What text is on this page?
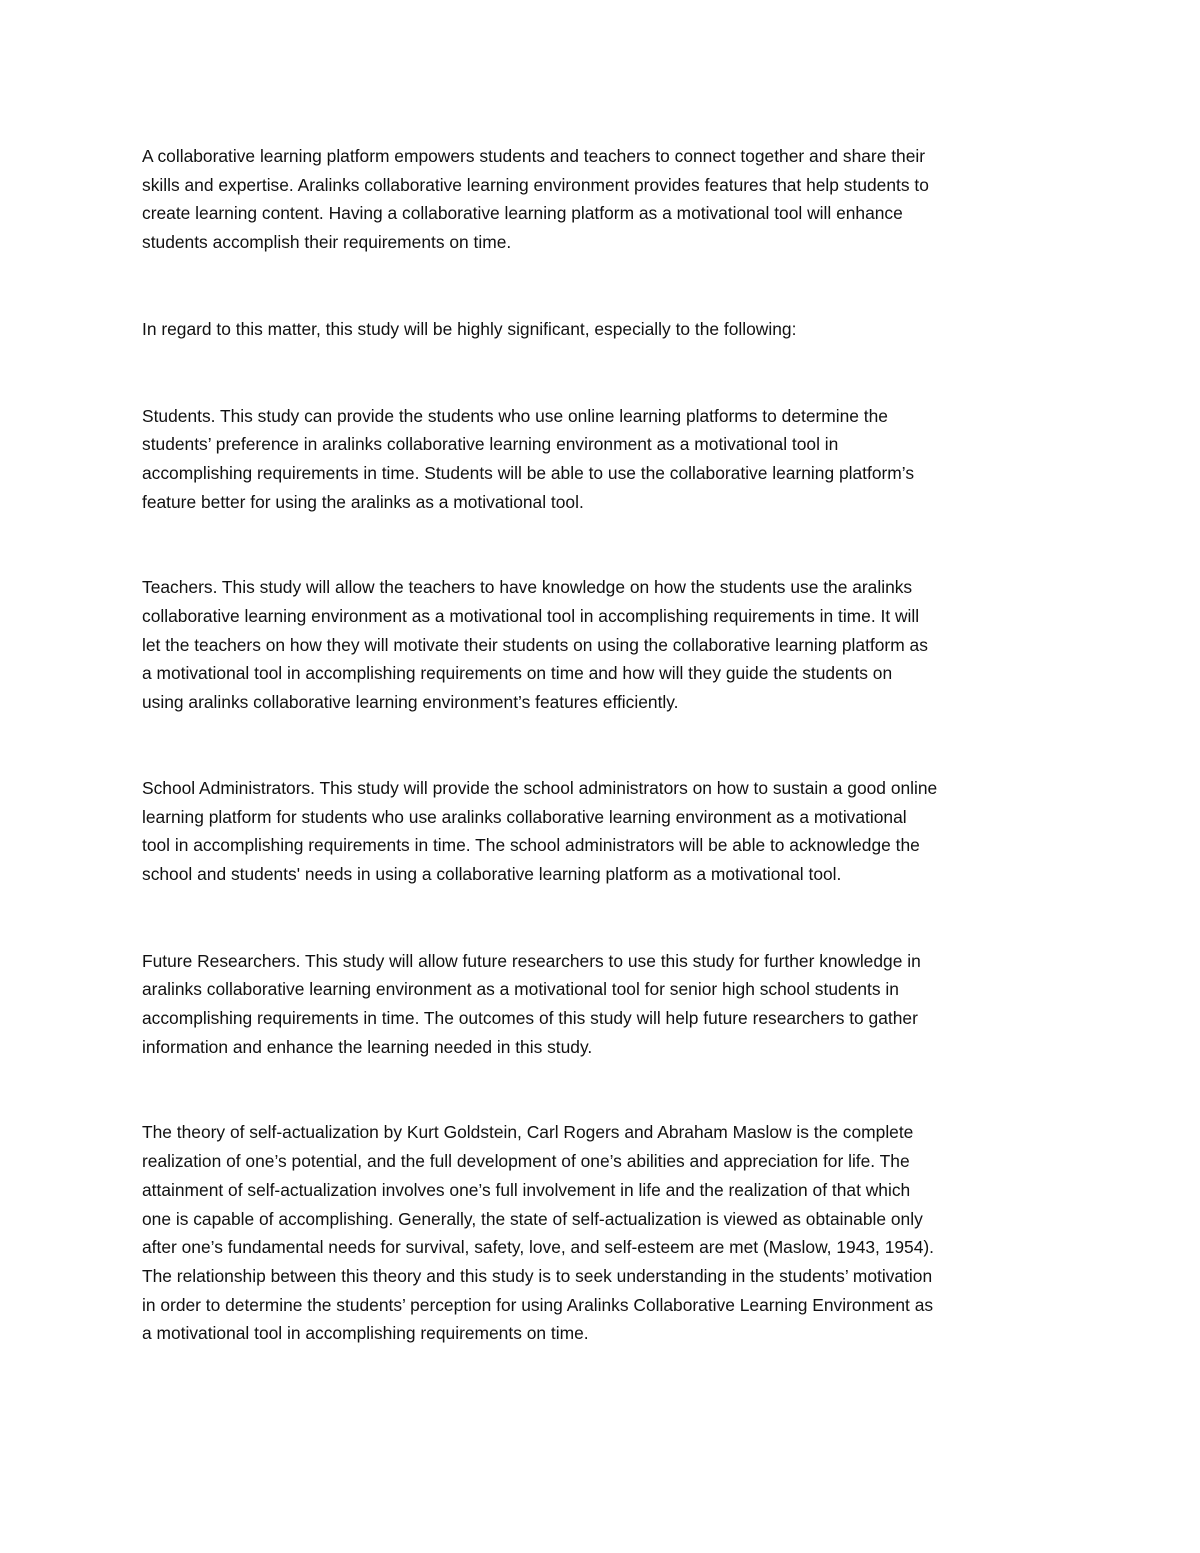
A collaborative learning platform empowers students and teachers to connect together and share their
skills and expertise. Aralinks collaborative learning environment provides features that help students to
create learning content. Having a collaborative learning platform as a motivational tool will enhance
students accomplish their requirements on time.

In regard to this matter, this study will be highly significant, especially to the following:

Students. This study can provide the students who use online learning platforms to determine the
students’ preference in aralinks collaborative learning environment as a motivational tool in
accomplishing requirements in time. Students will be able to use the collaborative learning platform’s
feature better for using the aralinks as a motivational tool.

Teachers. This study will allow the teachers to have knowledge on how the students use the aralinks
collaborative learning environment as a motivational tool in accomplishing requirements in time. It will
let the teachers on how they will motivate their students on using the collaborative learning platform as
a motivational tool in accomplishing requirements on time and how will they guide the students on
using aralinks collaborative learning environment’s features efficiently.

School Administrators. This study will provide the school administrators on how to sustain a good online
learning platform for students who use aralinks collaborative learning environment as a motivational
tool in accomplishing requirements in time. The school administrators will be able to acknowledge the
school and students' needs in using a collaborative learning platform as a motivational tool.

Future Researchers. This study will allow future researchers to use this study for further knowledge in
aralinks collaborative learning environment as a motivational tool for senior high school students in
accomplishing requirements in time. The outcomes of this study will help future researchers to gather
information and enhance the learning needed in this study.

The theory of self-actualization by Kurt Goldstein, Carl Rogers and Abraham Maslow is the complete
realization of one’s potential, and the full development of one’s abilities and appreciation for life. The
attainment of self-actualization involves one’s full involvement in life and the realization of that which
one is capable of accomplishing. Generally, the state of self-actualization is viewed as obtainable only
after one’s fundamental needs for survival, safety, love, and self-esteem are met (Maslow, 1943, 1954).
The relationship between this theory and this study is to seek understanding in the students’ motivation
in order to determine the students’ perception for using Aralinks Collaborative Learning Environment as
a motivational tool in accomplishing requirements on time.
